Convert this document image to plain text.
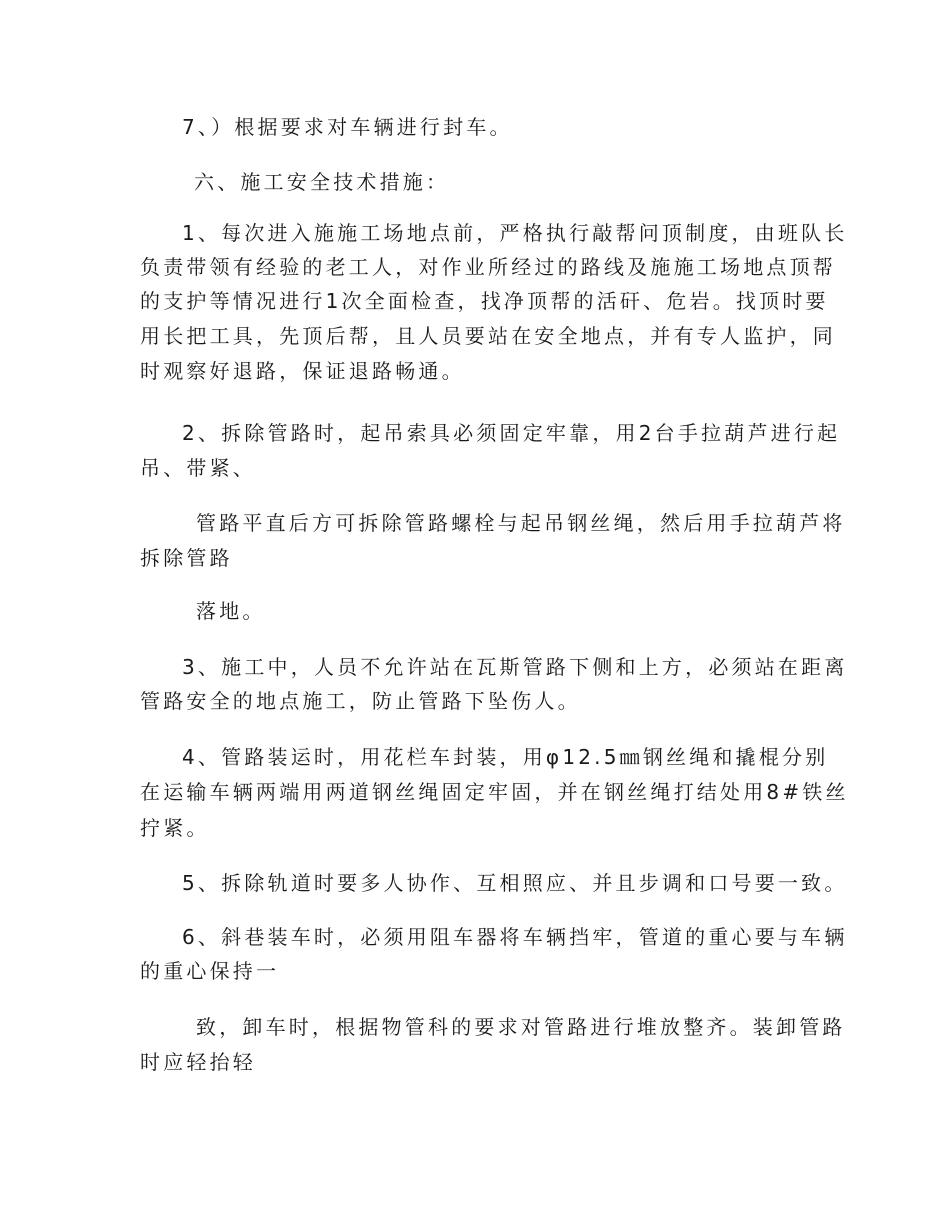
7、）根据要求对车辆进行封车。

六、施工安全技术措施：

1、每次进入施施工场地点前，严格执行敲帮问顶制度，由班队长

负责带领有经验的老工人，对作业所经过的路线及施施工场地点顶帮

的支护等情况进行1次全面检查，找净顶帮的活矸、危岩。找顶时要

用长把工具，先顶后帮，且人员要站在安全地点，并有专人监护，同

时观察好退路，保证退路畅通。

2、拆除管路时，起吊索具必须固定牢靠，用2台手拉葫芦进行起

吊、带紧、

管路平直后方可拆除管路螺栓与起吊钢丝绳，然后用手拉葫芦将

拆除管路

落地。

3、施工中，人员不允许站在瓦斯管路下侧和上方，必须站在距离

管路安全的地点施工，防止管路下坠伤人。

4、管路装运时，用花栏车封装，用φ12.5㎜钢丝绳和撬棍分别

在运输车辆两端用两道钢丝绳固定牢固，并在钢丝绳打结处用8#铁丝

拧紧。

5、拆除轨道时要多人协作、互相照应、并且步调和口号要一致。

6、斜巷装车时，必须用阻车器将车辆挡牢，管道的重心要与车辆

的重心保持一

致，卸车时，根据物管科的要求对管路进行堆放整齐。装卸管路

时应轻抬轻
